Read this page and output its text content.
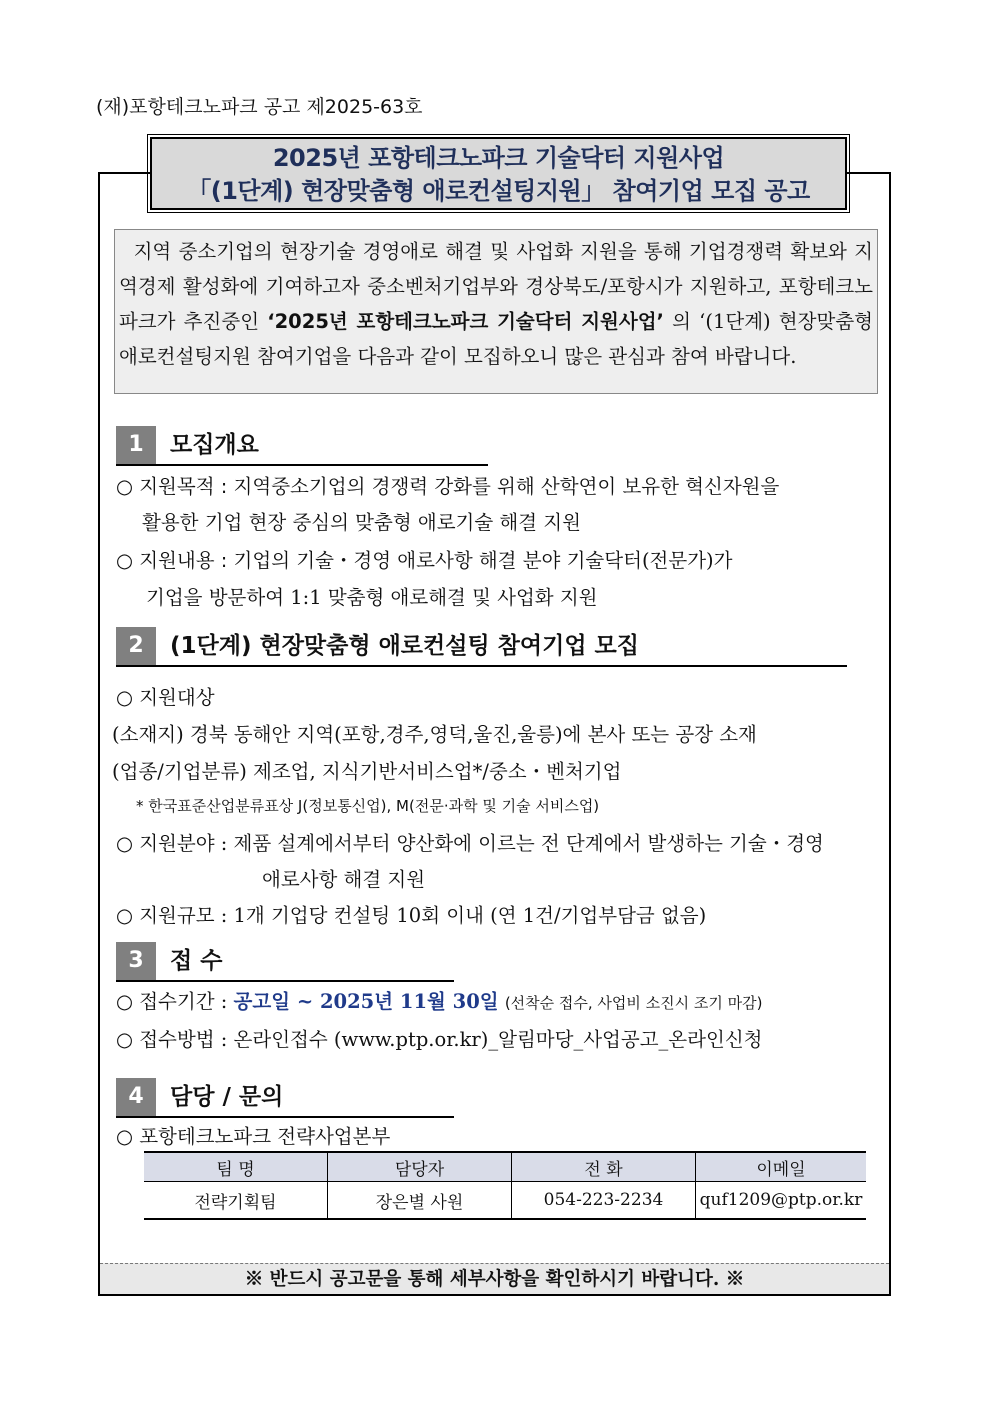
(재)포항테크노파크 공고 제2025-63호
2025년 포항테크노파크 기술닥터 지원사업
「(1단계) 현장맞춤형 애로컨설팅지원」 참여기업 모집 공고
지역 중소기업의 현장기술 경영애로 해결 및 사업화 지원을 통해 기업경쟁력 확보와 지역경제 활성화에 기여하고자 중소벤처기업부와 경상북도/포항시가 지원하고, 포항테크노파크가 추진중인 ‘2025년 포항테크노파크 기술닥터 지원사업’ 의 ‘(1단계) 현장맞춤형 애로컨설팅지원 참여기업을 다음과 같이 모집하오니 많은 관심과 참여 바랍니다.
1	모집개요
○ 지원목적 : 지역중소기업의 경쟁력 강화를 위해 산학연이 보유한 혁신자원을
활용한 기업 현장 중심의 맞춤형 애로기술 해결 지원
○ 지원내용 : 기업의 기술・경영 애로사항 해결 분야 기술닥터(전문가)가
기업을 방문하여 1:1 맞춤형 애로해결 및 사업화 지원
2	(1단계) 현장맞춤형 애로컨설팅 참여기업 모집
○ 지원대상
(소재지) 경북 동해안 지역(포항,경주,영덕,울진,울릉)에 본사 또는 공장 소재
(업종/기업분류) 제조업, 지식기반서비스업*/중소・벤처기업
* 한국표준산업분류표상 J(정보통신업), M(전문·과학 및 기술 서비스업)
○ 지원분야 : 제품 설계에서부터 양산화에 이르는 전 단계에서 발생하는 기술・경영
애로사항 해결 지원
○ 지원규모 : 1개 기업당 컨설팅 10회 이내 (연 1건/기업부담금 없음)
3	접 수
○ 접수기간 : 공고일 ~ 2025년 11월 30일 (선착순 접수, 사업비 소진시 조기 마감)
○ 접수방법 : 온라인접수 (www.ptp.or.kr)_알림마당_사업공고_온라인신청
4	담당 / 문의
○ 포항테크노파크 전략사업본부
팀 명	담당자	전 화	이메일
전략기획팀	장은별 사원	054-223-2234	quf1209@ptp.or.kr
※ 반드시 공고문을 통해 세부사항을 확인하시기 바랍니다. ※
